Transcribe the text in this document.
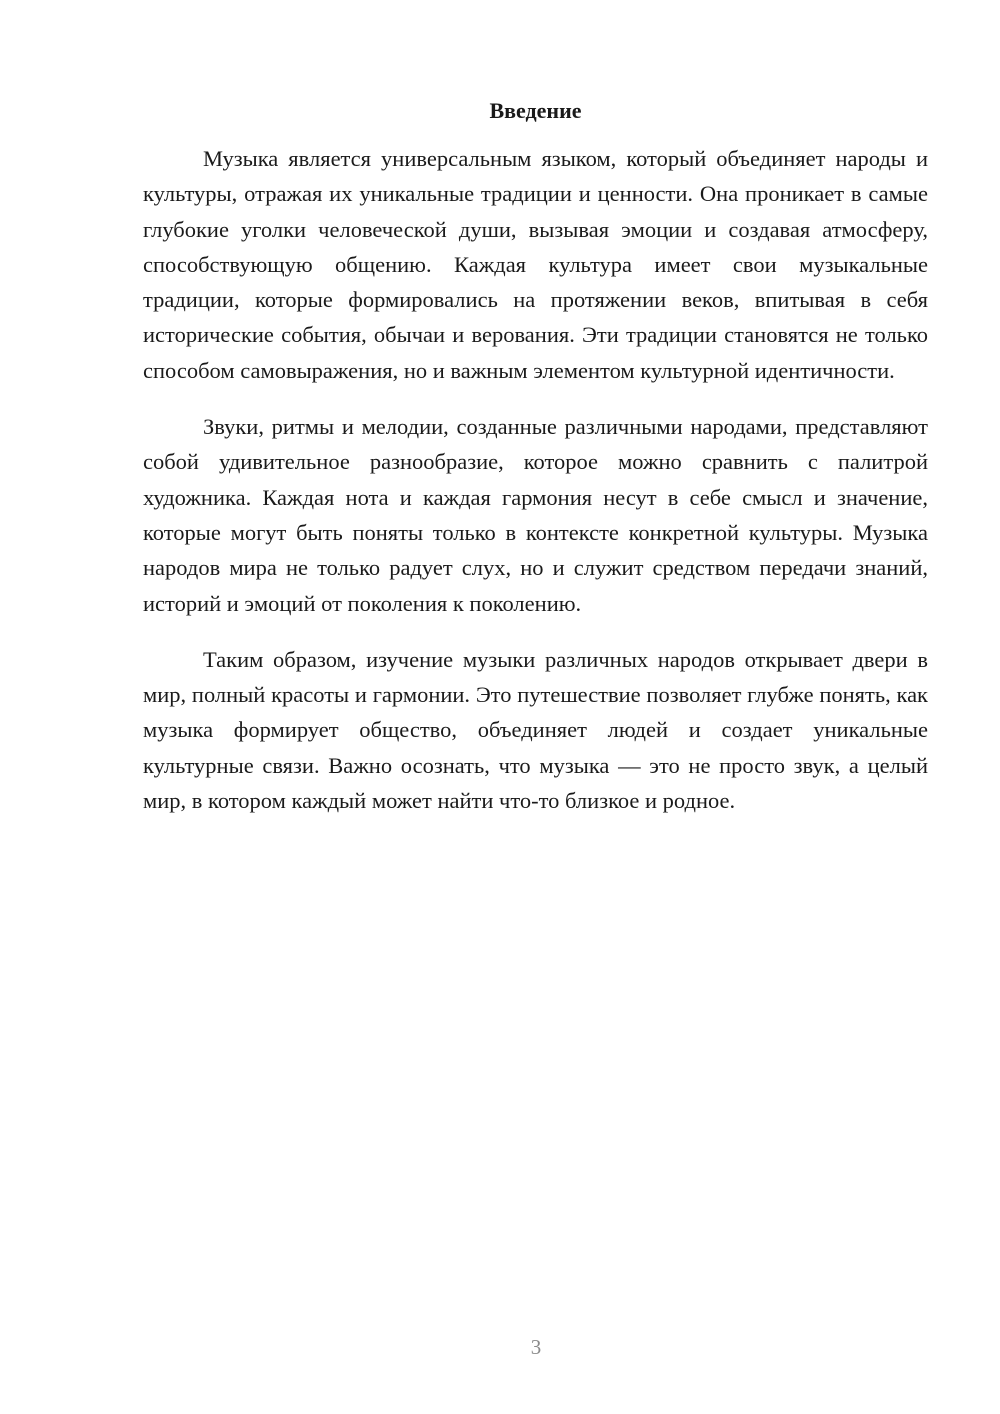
Введение

Музыка является универсальным языком, который объединяет народы и культуры, отражая их уникальные традиции и ценности. Она проникает в самые глубокие уголки человеческой души, вызывая эмоции и создавая атмосферу, способствующую общению. Каждая культура имеет свои музыкальные традиции, которые формировались на протяжении веков, впитывая в себя исторические события, обычаи и верования. Эти традиции становятся не только способом самовыражения, но и важным элементом культурной идентичности.

Звуки, ритмы и мелодии, созданные различными народами, представляют собой удивительное разнообразие, которое можно сравнить с палитрой художника. Каждая нота и каждая гармония несут в себе смысл и значение, которые могут быть поняты только в контексте конкретной культуры. Музыка народов мира не только радует слух, но и служит средством передачи знаний, историй и эмоций от поколения к поколению.

Таким образом, изучение музыки различных народов открывает двери в мир, полный красоты и гармонии. Это путешествие позволяет глубже понять, как музыка формирует общество, объединяет людей и создает уникальные культурные связи. Важно осознать, что музыка — это не просто звук, а целый мир, в котором каждый может найти что-то близкое и родное.

3
